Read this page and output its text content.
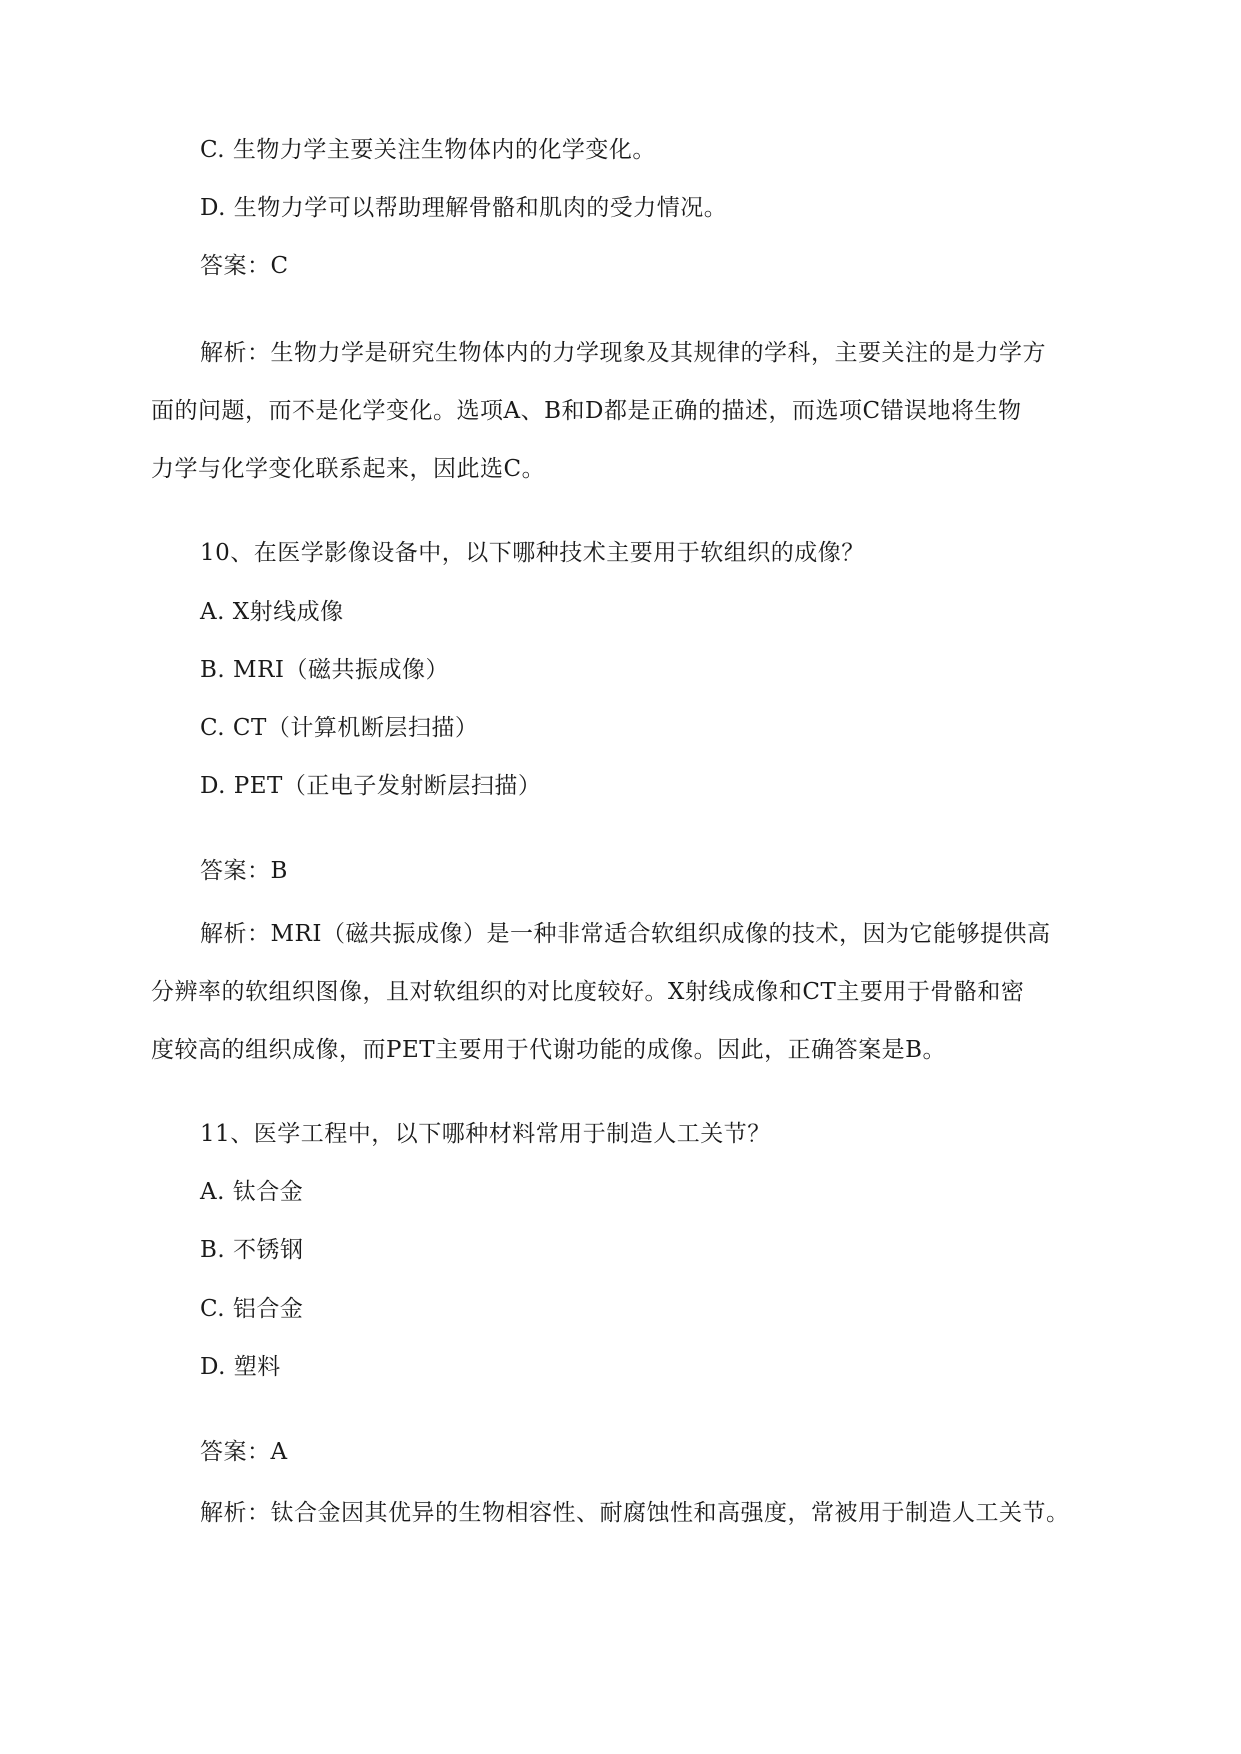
C. 生物力学主要关注生物体内的化学变化。
D. 生物力学可以帮助理解骨骼和肌肉的受力情况。
答案：C
解析：生物力学是研究生物体内的力学现象及其规律的学科，主要关注的是力学方
面的问题，而不是化学变化。选项A、B和D都是正确的描述，而选项C错误地将生物
力学与化学变化联系起来，因此选C。
10、在医学影像设备中，以下哪种技术主要用于软组织的成像？
A. X射线成像
B. MRI（磁共振成像）
C. CT（计算机断层扫描）
D. PET（正电子发射断层扫描）
答案：B
解析：MRI（磁共振成像）是一种非常适合软组织成像的技术，因为它能够提供高
分辨率的软组织图像，且对软组织的对比度较好。X射线成像和CT主要用于骨骼和密
度较高的组织成像，而PET主要用于代谢功能的成像。因此，正确答案是B。
11、医学工程中，以下哪种材料常用于制造人工关节？
A. 钛合金
B. 不锈钢
C. 铝合金
D. 塑料
答案：A
解析：钛合金因其优异的生物相容性、耐腐蚀性和高强度，常被用于制造人工关节。
